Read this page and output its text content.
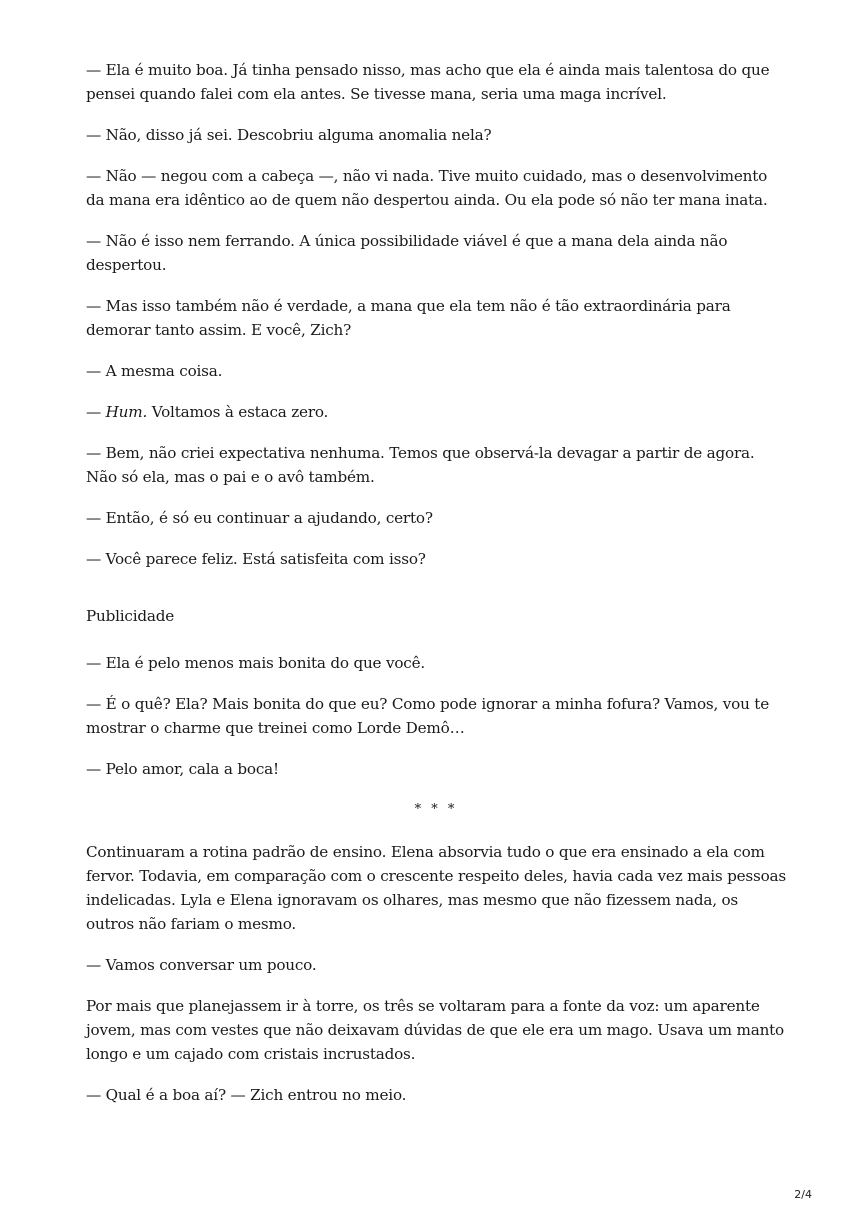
— Ela é muito boa. Já tinha pensado nisso, mas acho que ela é ainda mais talentosa do que pensei quando falei com ela antes. Se tivesse mana, seria uma maga incrível.

— Não, disso já sei. Descobriu alguma anomalia nela?

— Não — negou com a cabeça —, não vi nada. Tive muito cuidado, mas o desenvolvimento da mana era idêntico ao de quem não despertou ainda. Ou ela pode só não ter mana inata.

— Não é isso nem ferrando. A única possibilidade viável é que a mana dela ainda não despertou.

— Mas isso também não é verdade, a mana que ela tem não é tão extraordinária para demorar tanto assim. E você, Zich?

— A mesma coisa.

— Hum. Voltamos à estaca zero.

— Bem, não criei expectativa nenhuma. Temos que observá-la devagar a partir de agora. Não só ela, mas o pai e o avô também.

— Então, é só eu continuar a ajudando, certo?

— Você parece feliz. Está satisfeita com isso?

Publicidade

— Ela é pelo menos mais bonita do que você.

— É o quê? Ela? Mais bonita do que eu? Como pode ignorar a minha fofura? Vamos, vou te mostrar o charme que treinei como Lorde Demô…

— Pelo amor, cala a boca!

* * *

Continuaram a rotina padrão de ensino. Elena absorvia tudo o que era ensinado a ela com fervor. Todavia, em comparação com o crescente respeito deles, havia cada vez mais pessoas indelicadas. Lyla e Elena ignoravam os olhares, mas mesmo que não fizessem nada, os outros não fariam o mesmo.

— Vamos conversar um pouco.

Por mais que planejassem ir à torre, os três se voltaram para a fonte da voz: um aparente jovem, mas com vestes que não deixavam dúvidas de que ele era um mago. Usava um manto longo e um cajado com cristais incrustados.

— Qual é a boa aí? — Zich entrou no meio.

2/4
